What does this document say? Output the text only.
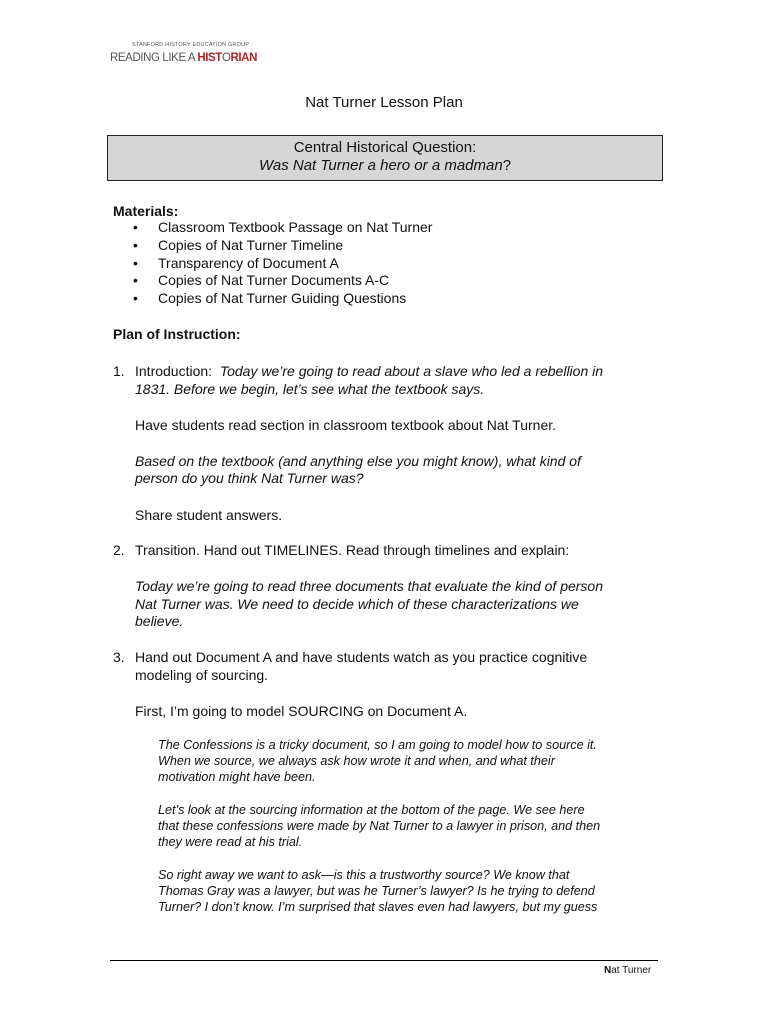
STANFORD HISTORY EDUCATION GROUP
READING LIKE A HISTORIAN
Nat Turner Lesson Plan
Central Historical Question:
Was Nat Turner a hero or a madman?
Materials:
• Classroom Textbook Passage on Nat Turner
• Copies of Nat Turner Timeline
• Transparency of Document A
• Copies of Nat Turner Documents A-C
• Copies of Nat Turner Guiding Questions
Plan of Instruction:
1. Introduction: Today we’re going to read about a slave who led a rebellion in
1831. Before we begin, let’s see what the textbook says.
Have students read section in classroom textbook about Nat Turner.
Based on the textbook (and anything else you might know), what kind of
person do you think Nat Turner was?
Share student answers.
2. Transition. Hand out TIMELINES. Read through timelines and explain:
Today we’re going to read three documents that evaluate the kind of person
Nat Turner was. We need to decide which of these characterizations we
believe.
3. Hand out Document A and have students watch as you practice cognitive
modeling of sourcing.
First, I’m going to model SOURCING on Document A.
The Confessions is a tricky document, so I am going to model how to source it.
When we source, we always ask how wrote it and when, and what their
motivation might have been.
Let’s look at the sourcing information at the bottom of the page. We see here
that these confessions were made by Nat Turner to a lawyer in prison, and then
they were read at his trial.
So right away we want to ask—is this a trustworthy source? We know that
Thomas Gray was a lawyer, but was he Turner’s lawyer? Is he trying to defend
Turner? I don’t know. I’m surprised that slaves even had lawyers, but my guess
Nat Turner
